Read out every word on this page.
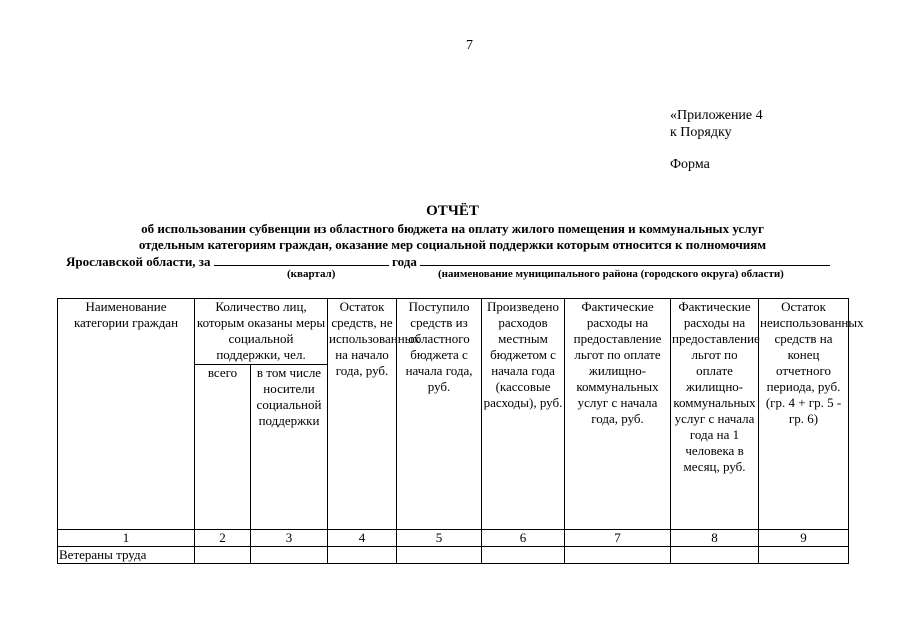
7
«Приложение 4
к Порядку
Форма
ОТЧЁТ
об использовании субвенции из областного бюджета на оплату жилого помещения и коммунальных услуг
отдельным категориям граждан, оказание мер социальной поддержки которым относится к полномочиям
Ярославской области, за	года
(квартал)	(наименование муниципального района (городского округа) области)
Наименование категории граждан	Количество лиц, которым оказаны меры социальной поддержки, чел.		Остаток средств, не использованных на начало года, руб.	Поступило средств из областного бюджета с начала года, руб.	Произведено расходов местным бюджетом с начала года (кассовые расходы), руб.	Фактические расходы на предоставление льгот по оплате жилищно-коммунальных услуг с начала года, руб.	Фактические расходы на предоставление льгот по оплате жилищно-коммунальных услуг с начала года на 1 человека в месяц, руб.	Остаток неиспользованных средств на конец отчетного периода, руб. (гр. 4 + гр. 5 - гр. 6)
	всего	в том числе носители социальной поддержки						
1	2	3	4	5	6	7	8	9
Ветераны труда								
